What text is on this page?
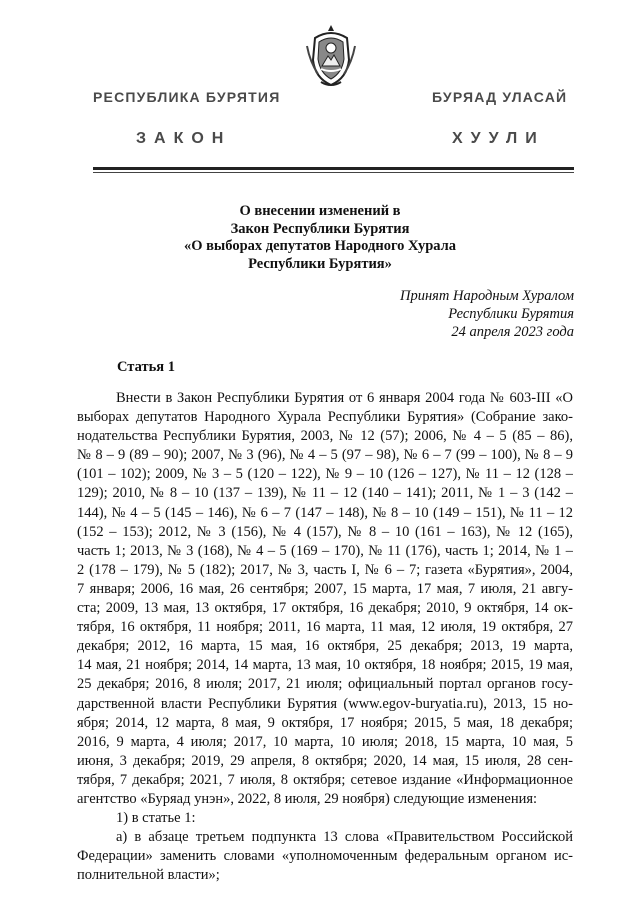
РЕСПУБЛИКА БУРЯТИЯ	БУРЯАД УЛАСАЙ
ЗАКОН	ХУУЛИ
О внесении изменений в
Закон Республики Бурятия
«О выборах депутатов Народного Хурала
Республики Бурятия»
Принят Народным Хуралом
Республики Бурятия
24 апреля 2023 года
Статья 1
Внести в Закон Республики Бурятия от 6 января 2004 года № 603-III «О
выборах депутатов Народного Хурала Республики Бурятия» (Собрание зако-
нодательства Республики Бурятия, 2003, № 12 (57); 2006, № 4 – 5 (85 – 86),
№ 8 – 9 (89 – 90); 2007, № 3 (96), № 4 – 5 (97 – 98), № 6 – 7 (99 – 100), № 8 – 9
(101 – 102); 2009, № 3 – 5 (120 – 122), № 9 – 10 (126 – 127), № 11 – 12 (128 –
129); 2010, № 8 – 10 (137 – 139), № 11 – 12 (140 – 141); 2011, № 1 – 3 (142 –
144), № 4 – 5 (145 – 146), № 6 – 7 (147 – 148), № 8 – 10 (149 – 151), № 11 – 12
(152 – 153); 2012, № 3 (156), № 4 (157), № 8 – 10 (161 – 163), № 12 (165),
часть 1; 2013, № 3 (168), № 4 – 5 (169 – 170), № 11 (176), часть 1; 2014, № 1 –
2 (178 – 179), № 5 (182); 2017, № 3, часть I, № 6 – 7; газета «Бурятия», 2004,
7 января; 2006, 16 мая, 26 сентября; 2007, 15 марта, 17 мая, 7 июля, 21 авгу-
ста; 2009, 13 мая, 13 октября, 17 октября, 16 декабря; 2010, 9 октября, 14 ок-
тября, 16 октября, 11 ноября; 2011, 16 марта, 11 мая, 12 июля, 19 октября, 27
декабря; 2012, 16 марта, 15 мая, 16 октября, 25 декабря; 2013, 19 марта,
14 мая, 21 ноября; 2014, 14 марта, 13 мая, 10 октября, 18 ноября; 2015, 19 мая,
25 декабря; 2016, 8 июля; 2017, 21 июля; официальный портал органов госу-
дарственной власти Республики Бурятия (www.egov-buryatia.ru), 2013, 15 но-
ября; 2014, 12 марта, 8 мая, 9 октября, 17 ноября; 2015, 5 мая, 18 декабря;
2016, 9 марта, 4 июля; 2017, 10 марта, 10 июля; 2018, 15 марта, 10 мая, 5
июня, 3 декабря; 2019, 29 апреля, 8 октября; 2020, 14 мая, 15 июля, 28 сен-
тября, 7 декабря; 2021, 7 июля, 8 октября; сетевое издание «Информационное
агентство «Буряад унэн», 2022, 8 июля, 29 ноября) следующие изменения:
1) в статье 1:
а) в абзаце третьем подпункта 13 слова «Правительством Российской
Федерации» заменить словами «уполномоченным федеральным органом ис-
полнительной власти»;
